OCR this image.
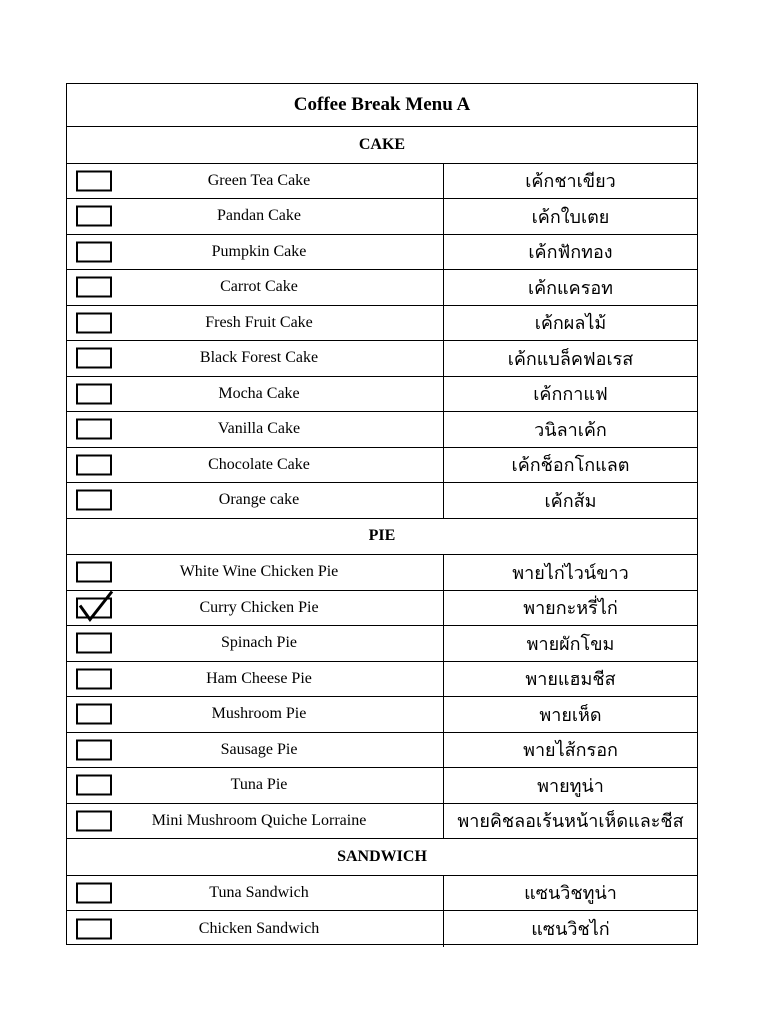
Coffee Break Menu A
CAKE
Green Tea Cake	เค้กชาเขียว
Pandan Cake	เค้กใบเตย
Pumpkin Cake	เค้กฟักทอง
Carrot Cake	เค้กแครอท
Fresh Fruit Cake	เค้กผลไม้
Black Forest Cake	เค้กแบล็คฟอเรส
Mocha Cake	เค้กกาแฟ
Vanilla Cake	วนิลาเค้ก
Chocolate Cake	เค้กช็อกโกแลต
Orange cake	เค้กส้ม
PIE
White Wine Chicken Pie	พายไก่ไวน์ขาว
Curry Chicken Pie	พายกะหรี่ไก่
Spinach Pie	พายผักโขม
Ham Cheese Pie	พายแฮมชีส
Mushroom Pie	พายเห็ด
Sausage Pie	พายไส้กรอก
Tuna Pie	พายทูน่า
Mini Mushroom Quiche Lorraine	พายคิชลอเร้นหน้าเห็ดและชีส
SANDWICH
Tuna Sandwich	แซนวิชทูน่า
Chicken Sandwich	แซนวิชไก่
